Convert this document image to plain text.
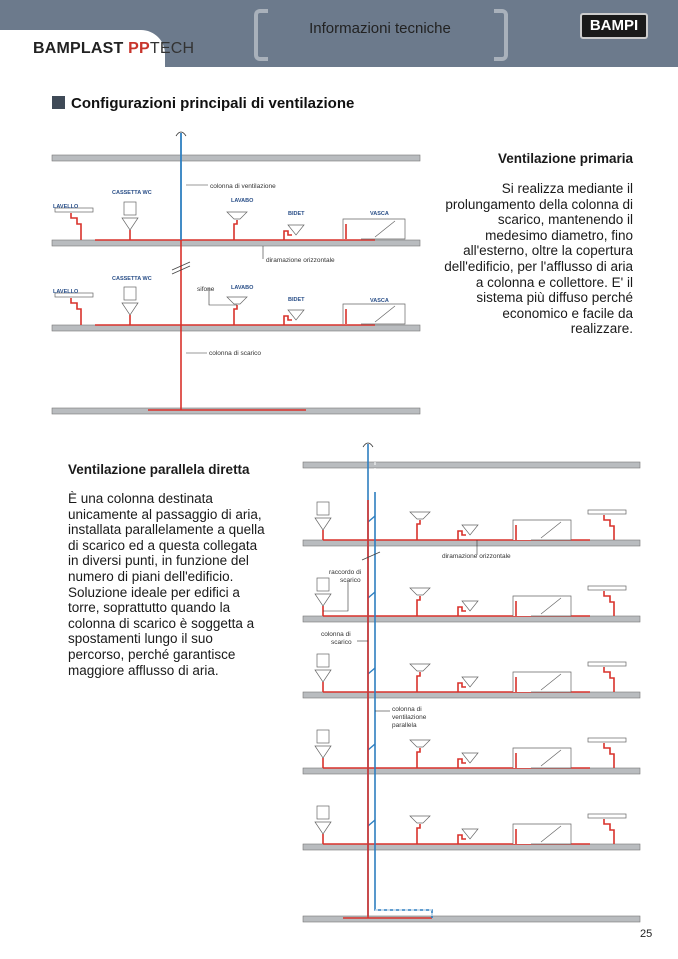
BAMPLAST PPTECH
Informazioni tecniche	BAMPI
Configurazioni principali di ventilazione
Ventilazione primaria
Si realizza mediante il prolungamento della colonna di scarico, mantenendo il medesimo diametro, fino all'esterno, oltre la copertura dell'edificio, per l'afflusso di aria a colonna e collettore. E' il sistema più diffuso perché economico e facile da realizzare.
Ventilazione parallela diretta
È una colonna destinata unicamente al passaggio di aria, installata parallelamente a quella di scarico ed a questa collegata in diversi punti, in funzione del numero di piani dell'edificio. Soluzione ideale per edifici a torre, soprattutto quando la colonna di scarico è soggetta a spostamenti lungo il suo percorso, perché garantisce maggiore afflusso di aria.
colonna di ventilazione
diramazione orizzontale
colonna di scarico
sifone
LAVELLO
CASSETTA WC
LAVABO
BIDET	VASCA
LAVELLO
CASSETTA WC
LAVABO
BIDET	VASCA
diramazione orizzontale
raccordo di
scarico
colonna di
scarico
colonna di
ventilazione
parallela
25
